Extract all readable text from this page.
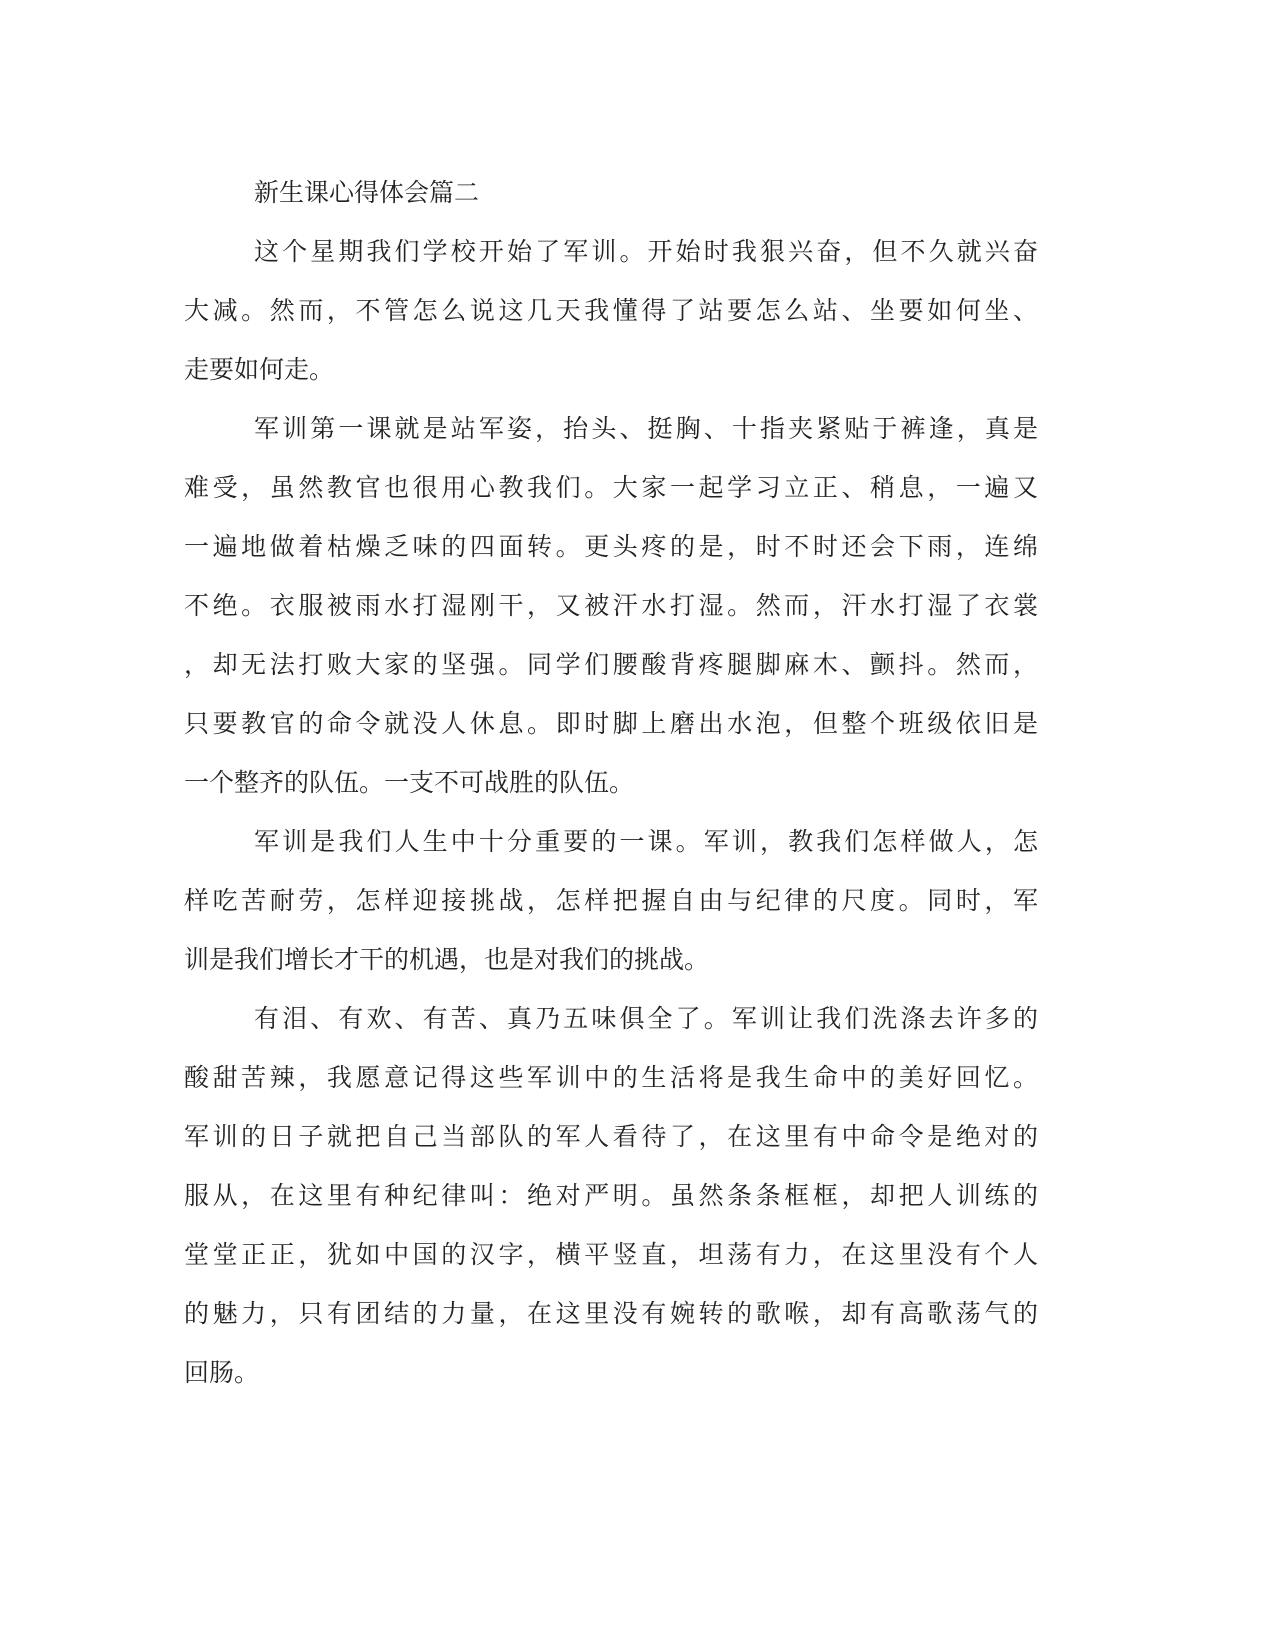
新生课心得体会篇二

这个星期我们学校开始了军训。开始时我狠兴奋，但不久就兴奋
大减。然而，不管怎么说这几天我懂得了站要怎么站、坐要如何坐、
走要如何走。

军训第一课就是站军姿，抬头、挺胸、十指夹紧贴于裤逢，真是
难受，虽然教官也很用心教我们。大家一起学习立正、稍息，一遍又
一遍地做着枯燥乏味的四面转。更头疼的是，时不时还会下雨，连绵
不绝。衣服被雨水打湿刚干，又被汗水打湿。然而，汗水打湿了衣裳
，却无法打败大家的坚强。同学们腰酸背疼腿脚麻木、颤抖。然而，
只要教官的命令就没人休息。即时脚上磨出水泡，但整个班级依旧是
一个整齐的队伍。一支不可战胜的队伍。

军训是我们人生中十分重要的一课。军训，教我们怎样做人，怎
样吃苦耐劳，怎样迎接挑战，怎样把握自由与纪律的尺度。同时，军
训是我们增长才干的机遇，也是对我们的挑战。

有泪、有欢、有苦、真乃五味俱全了。军训让我们洗涤去许多的
酸甜苦辣，我愿意记得这些军训中的生活将是我生命中的美好回忆。
军训的日子就把自己当部队的军人看待了，在这里有中命令是绝对的
服从，在这里有种纪律叫：绝对严明。虽然条条框框，却把人训练的
堂堂正正，犹如中国的汉字，横平竖直，坦荡有力，在这里没有个人
的魅力，只有团结的力量，在这里没有婉转的歌喉，却有高歌荡气的
回肠。
